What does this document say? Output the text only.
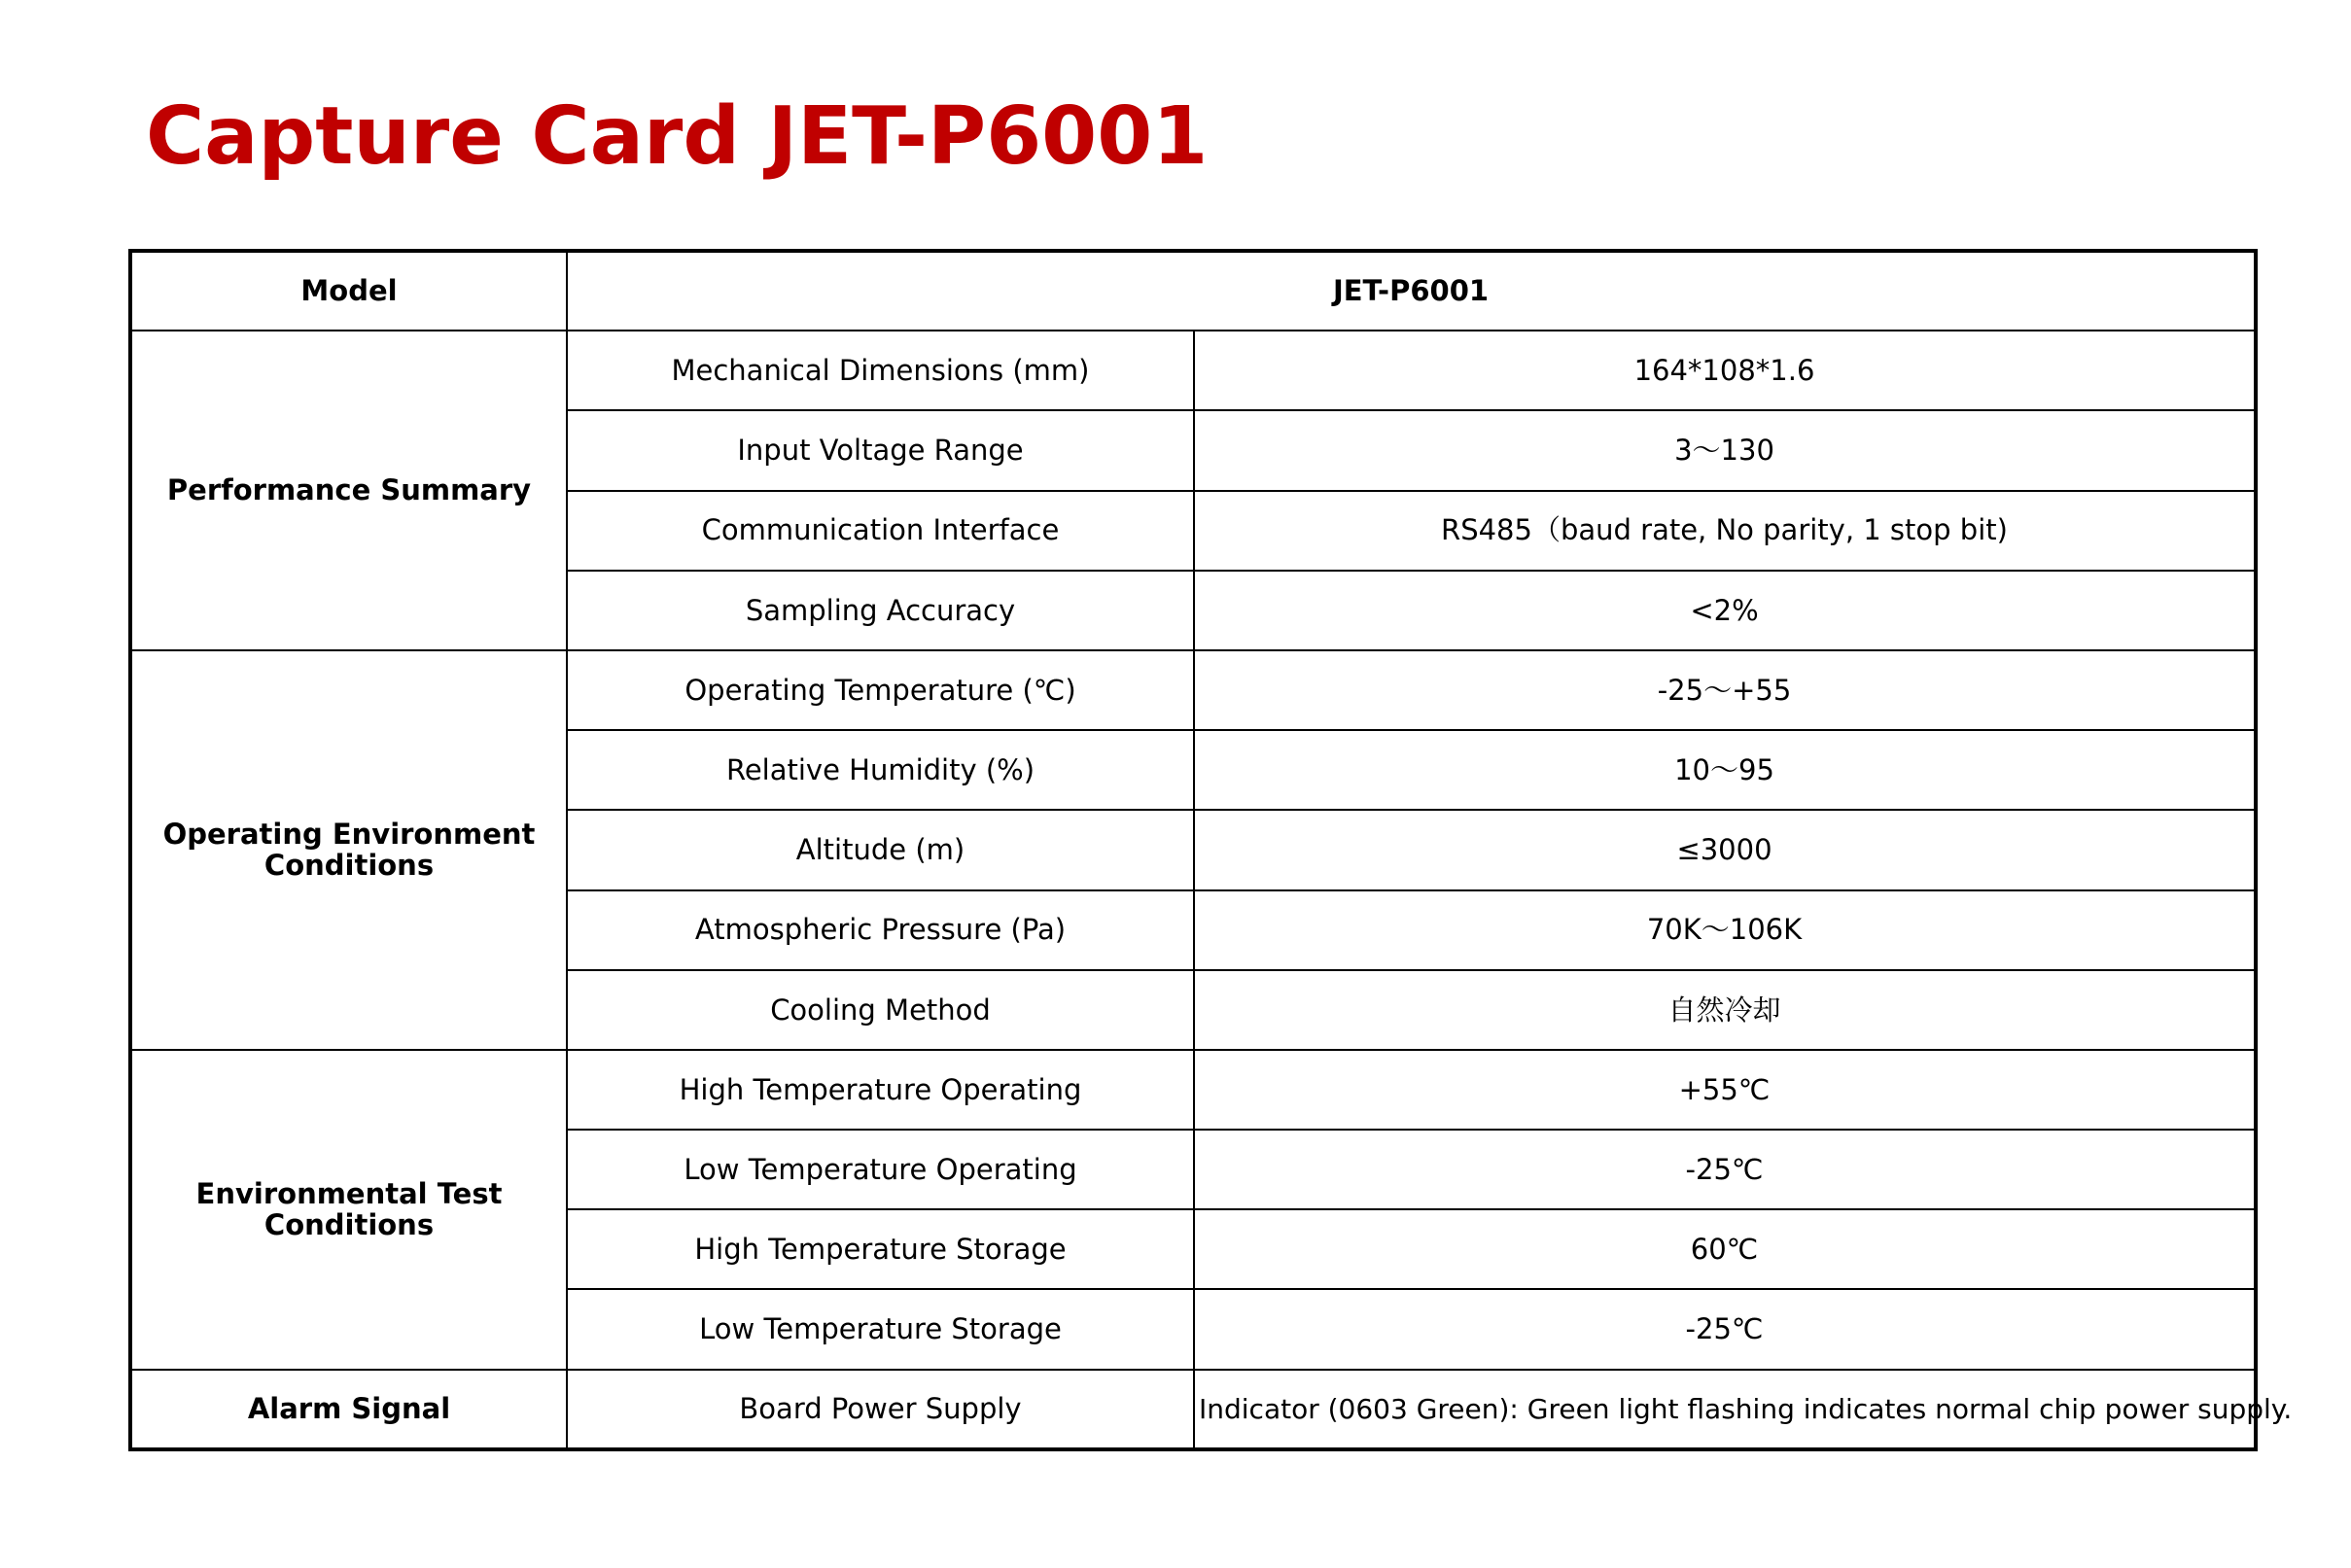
Capture Card JET-P6001
Model	JET-P6001	
Performance Summary	Mechanical Dimensions (mm)	164*108*1.6
	Input Voltage Range	3～130
	Communication Interface	RS485（baud rate, No parity, 1 stop bit)
	Sampling Accuracy	<2%
Operating Environment
Conditions	Operating Temperature (℃)	-25～+55
	Relative Humidity (%)	10～95
	Altitude (m)	≤3000
	Atmospheric Pressure (Pa)	70K～106K
	Cooling Method	自然冷却
Environmental Test
Conditions	High Temperature Operating	+55℃
	Low Temperature Operating	-25℃
	High Temperature Storage	60℃
	Low Temperature Storage	-25℃
Alarm Signal	Board Power Supply	Indicator (0603 Green): Green light flashing indicates normal chip power supply.
